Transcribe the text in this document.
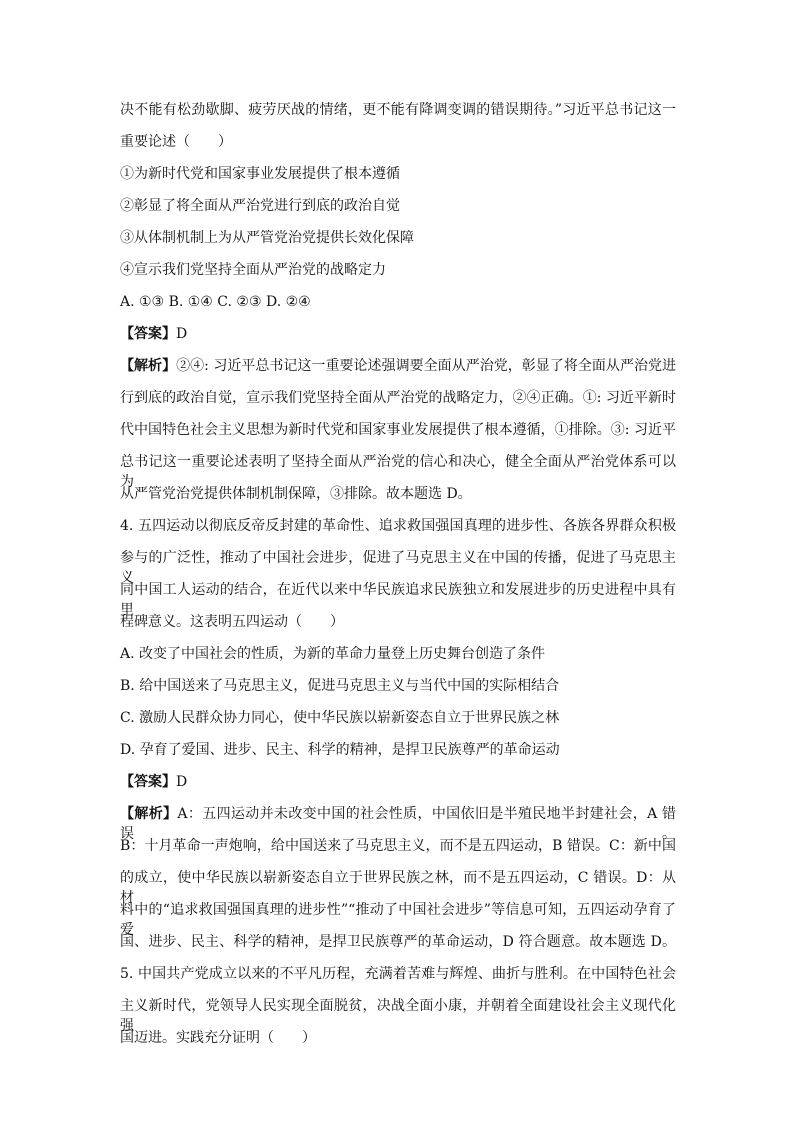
决不能有松劲歇脚、疲劳厌战的情绪，更不能有降调变调的错误期待。”习近平总书记这一
重要论述（　　）
①为新时代党和国家事业发展提供了根本遵循
②彰显了将全面从严治党进行到底的政治自觉
③从体制机制上为从严管党治党提供长效化保障
④宣示我们党坚持全面从严治党的战略定力
A. ①③ B. ①④ C. ②③ D. ②④
【答案】D
【解析】②④: 习近平总书记这一重要论述强调要全面从严治党，彰显了将全面从严治党进
行到底的政治自觉，宣示我们党坚持全面从严治党的战略定力，②④正确。①: 习近平新时
代中国特色社会主义思想为新时代党和国家事业发展提供了根本遵循，①排除。③: 习近平
总书记这一重要论述表明了坚持全面从严治党的信心和决心，健全全面从严治党体系可以为
从严管党治党提供体制机制保障，③排除。故本题选 D。
4. 五四运动以彻底反帝反封建的革命性、追求救国强国真理的进步性、各族各界群众积极
参与的广泛性，推动了中国社会进步，促进了马克思主义在中国的传播，促进了马克思主义
同中国工人运动的结合，在近代以来中华民族追求民族独立和发展进步的历史进程中具有里
程碑意义。这表明五四运动（　　）
A. 改变了中国社会的性质，为新的革命力量登上历史舞台创造了条件
B. 给中国送来了马克思主义，促进马克思主义与当代中国的实际相结合
C. 激励人民群众协力同心，使中华民族以崭新姿态自立于世界民族之林
D. 孕育了爱国、进步、民主、科学的精神，是捍卫民族尊严的革命运动
【答案】D
【解析】A：五四运动并未改变中国的社会性质，中国依旧是半殖民地半封建社会，A 错误。
B：十月革命一声炮响，给中国送来了马克思主义，而不是五四运动，B 错误。C：新中国
的成立，使中华民族以崭新姿态自立于世界民族之林，而不是五四运动，C 错误。D：从材
料中的“追求救国强国真理的进步性”“推动了中国社会进步”等信息可知，五四运动孕育了爱
国、进步、民主、科学的精神，是捍卫民族尊严的革命运动，D 符合题意。故本题选 D。
5. 中国共产党成立以来的不平凡历程，充满着苦难与辉煌、曲折与胜利。在中国特色社会
主义新时代，党领导人民实现全面脱贫，决战全面小康，并朝着全面建设社会主义现代化强
国迈进。实践充分证明（　　）
